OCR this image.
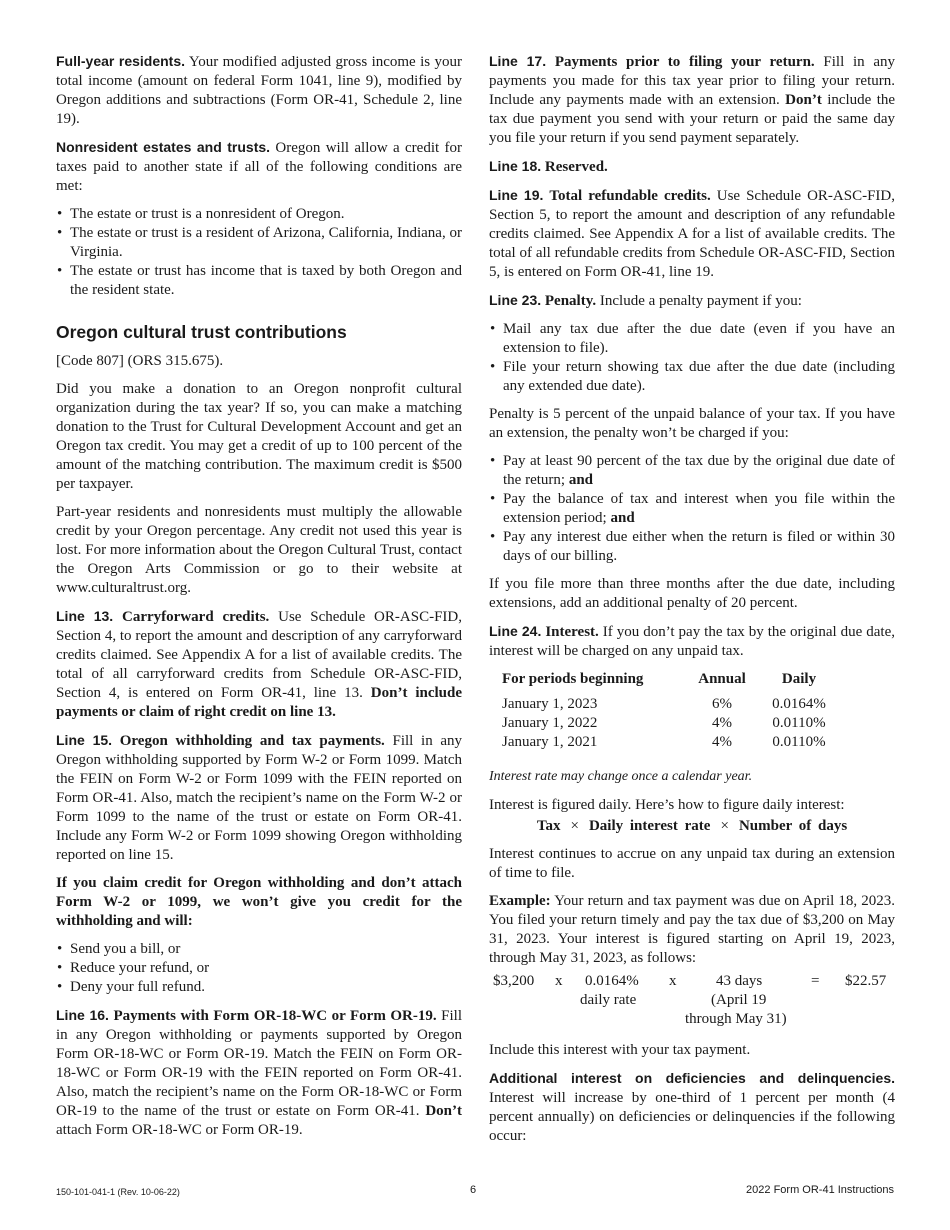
Full-year residents. Your modified adjusted gross income is your total income (amount on federal Form 1041, line 9), modified by Oregon additions and subtractions (Form OR-41, Schedule 2, line 19).

Nonresident estates and trusts. Oregon will allow a credit for taxes paid to another state if all of the following conditions are met:

• The estate or trust is a nonresident of Oregon.
• The estate or trust is a resident of Arizona, California, Indiana, or Virginia.
• The estate or trust has income that is taxed by both Oregon and the resident state.
Oregon cultural trust contributions

[Code 807] (ORS 315.675).

Did you make a donation to an Oregon nonprofit cultural organization during the tax year? If so, you can make a matching donation to the Trust for Cultural Development Account and get an Oregon tax credit. You may get a credit of up to 100 percent of the amount of the matching contribution. The maximum credit is $500 per taxpayer.

Part-year residents and nonresidents must multiply the allowable credit by your Oregon percentage. Any credit not used this year is lost. For more information about the Oregon Cultural Trust, contact the Oregon Arts Commission or go to their website at www.culturaltrust.org.

Line 13. Carryforward credits. Use Schedule OR-ASC-FID, Section 4, to report the amount and description of any carryforward credits claimed. See Appendix A for a list of available credits. The total of all carryforward credits from Schedule OR-ASC-FID, Section 4, is entered on Form OR-41, line 13. Don’t include payments or claim of right credit on line 13.

Line 15. Oregon withholding and tax payments. Fill in any Oregon withholding supported by Form W-2 or Form 1099. Match the FEIN on Form W-2 or Form 1099 with the FEIN reported on Form OR-41. Also, match the recipient’s name on the Form W-2 or Form 1099 to the name of the trust or estate on Form OR-41. Include any Form W-2 or Form 1099 showing Oregon withholding reported on line 15.

If you claim credit for Oregon withholding and don’t attach Form W-2 or 1099, we won’t give you credit for the withholding and will:

• Send you a bill, or
• Reduce your refund, or
• Deny your full refund.

Line 16. Payments with Form OR-18-WC or Form OR-19. Fill in any Oregon withholding or payments supported by Oregon Form OR-18-WC or Form OR-19. Match the FEIN on Form OR-18-WC or Form OR-19 with the FEIN reported on Form OR-41. Also, match the recipient’s name on the Form OR-18-WC or Form OR-19 to the name of the trust or estate on Form OR-41. Don’t attach Form OR-18-WC or Form OR-19.

Line 17. Payments prior to filing your return. Fill in any payments you made for this tax year prior to filing your return. Include any payments made with an extension. Don’t include the tax due payment you send with your return or paid the same day you file your return if you send payment separately.

Line 18. Reserved.

Line 19. Total refundable credits. Use Schedule OR-ASC-FID, Section 5, to report the amount and description of any refundable credits claimed. See Appendix A for a list of available credits. The total of all refundable credits from Schedule OR-ASC-FID, Section 5, is entered on Form OR-41, line 19.

Line 23. Penalty. Include a penalty payment if you:

• Mail any tax due after the due date (even if you have an extension to file).
• File your return showing tax due after the due date (including any extended due date).

Penalty is 5 percent of the unpaid balance of your tax. If you have an extension, the penalty won’t be charged if you:

• Pay at least 90 percent of the tax due by the original due date of the return; and
• Pay the balance of tax and interest when you file within the extension period; and
• Pay any interest due either when the return is filed or within 30 days of our billing.

If you file more than three months after the due date, including extensions, add an additional penalty of 20 percent.

Line 24. Interest. If you don’t pay the tax by the original due date, interest will be charged on any unpaid tax.

For periods beginning	Annual	Daily
January 1, 2023	6%	0.0164%
January 1, 2022	4%	0.0110%
January 1, 2021	4%	0.0110%

Interest rate may change once a calendar year.

Interest is figured daily. Here’s how to figure daily interest:

Tax × Daily interest rate × Number of days

Interest continues to accrue on any unpaid tax during an extension of time to file.

Example: Your return and tax payment was due on April 18, 2023. You filed your return timely and pay the tax due of $3,200 on May 31, 2023. Your interest is figured starting on April 19, 2023, through May 31, 2023, as follows:

$3,200 x 0.0164%
daily rate
x	43 days
(April 19
through May 31)
= $22.57

Include this interest with your tax payment.

Additional interest on deficiencies and delinquencies. Interest will increase by one-third of 1 percent per month (4 percent annually) on deficiencies or delinquencies if the following occur:

150-101-041-1 (Rev. 10-06-22)	6	2022 Form OR-41 Instructions
